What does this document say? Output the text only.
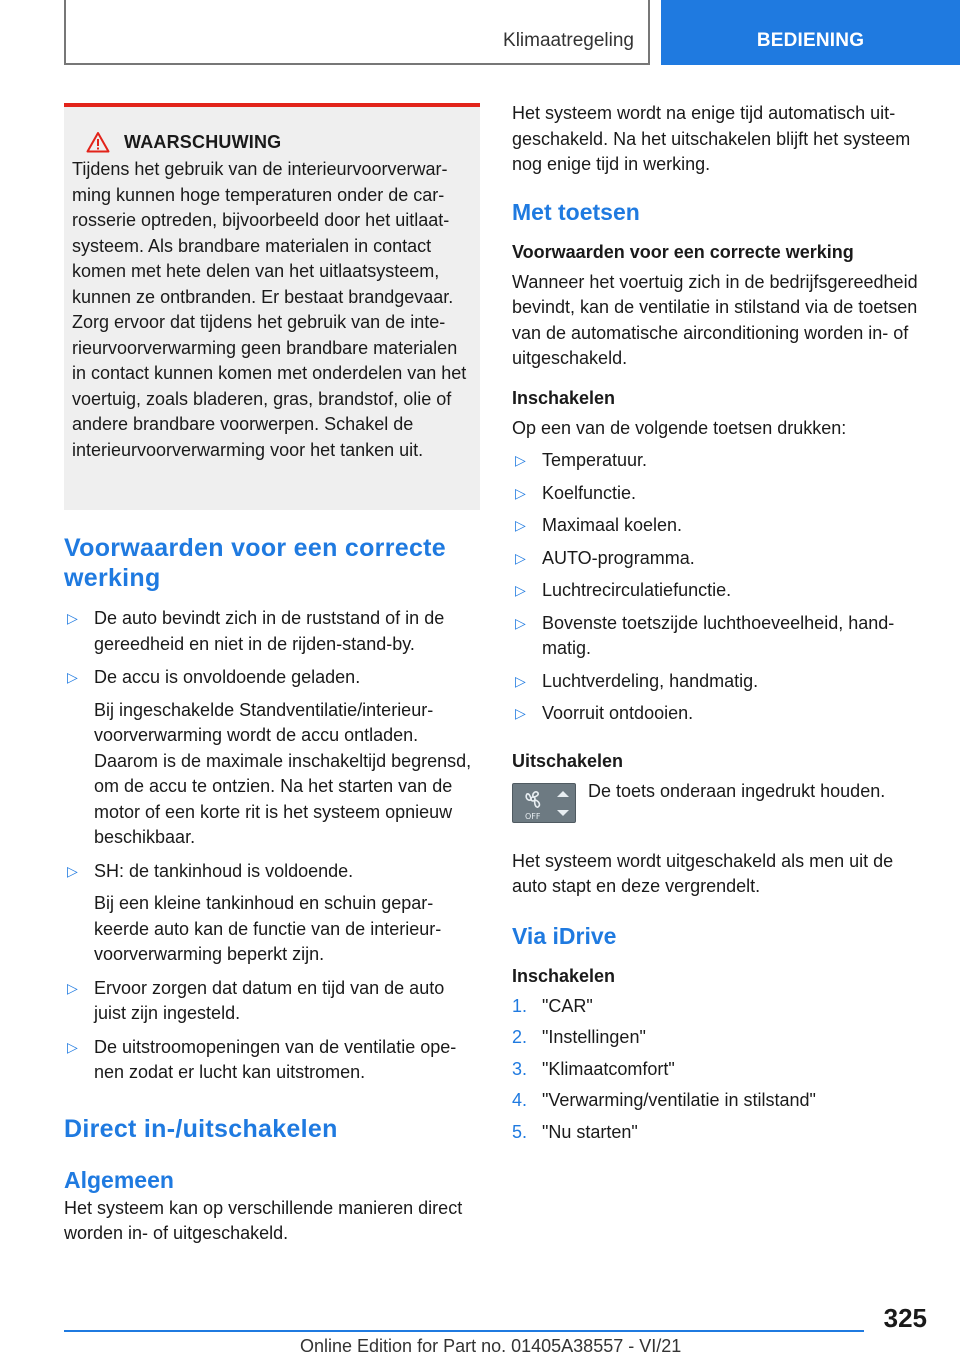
Klimaatregeling	BEDIENING
WAARSCHUWING

Tijdens het gebruik van de interieurvoorverwarming kunnen hoge temperaturen onder de carrosserie optreden, bijvoorbeeld door het uitlaatsysteem. Als brandbare materialen in contact komen met hete delen van het uitlaatsysteem, kunnen ze ontbranden. Er bestaat brandgevaar. Zorg ervoor dat tijdens het gebruik van de interieurvoorverwarming geen brandbare materialen in contact kunnen komen met onderdelen van het voertuig, zoals bladeren, gras, brandstof, olie of andere brandbare voorwerpen. Schakel de interieurvoorverwarming voor het tanken uit.

Voorwaarden voor een correcte werking
▷ De auto bevindt zich in de ruststand of in de gereedheid en niet in de rijden-stand-by.
▷ De accu is onvoldoende geladen.
Bij ingeschakelde Standventilatie/interieurvoorverwarming wordt de accu ontladen. Daarom is de maximale inschakeltijd begrensd, om de accu te ontzien. Na het starten van de motor of een korte rit is het systeem opnieuw beschikbaar.
▷ SH: de tankinhoud is voldoende.
Bij een kleine tankinhoud en schuin geparkeerde auto kan de functie van de interieurvoorverwarming beperkt zijn.
▷ Ervoor zorgen dat datum en tijd van de auto juist zijn ingesteld.
▷ De uitstroomopeningen van de ventilatie openen zodat er lucht kan uitstromen.
Direct in-/uitschakelen
Algemeen

Het systeem kan op verschillende manieren direct worden in- of uitgeschakeld.

Het systeem wordt na enige tijd automatisch uitgeschakeld. Na het uitschakelen blijft het systeem nog enige tijd in werking.

Met toetsen
Voorwaarden voor een correcte werking

Wanneer het voertuig zich in de bedrijfsgereedheid bevindt, kan de ventilatie in stilstand via de toetsen van de automatische airconditioning worden in- of uitgeschakeld.

Inschakelen

Op een van de volgende toetsen drukken:

▷ Temperatuur.
▷ Koelfunctie.
▷ Maximaal koelen.
▷ AUTO-programma.
▷ Luchtrecirculatiefunctie.
▷ Bovenste toetszijde luchthoeveelheid, handmatig.
▷ Luchtverdeling, handmatig.
▷ Voorruit ontdooien.
Uitschakelen
OFF
De toets onderaan ingedrukt houden.

Het systeem wordt uitgeschakeld als men uit de auto stapt en deze vergrendelt.

Via iDrive
Inschakelen
1. "CAR"
2. "Instellingen"
3. "Klimaatcomfort"
4. "Verwarming/ventilatie in stilstand"
5. "Nu starten"
325
Online Edition for Part no. 01405A38557 - VI/21
